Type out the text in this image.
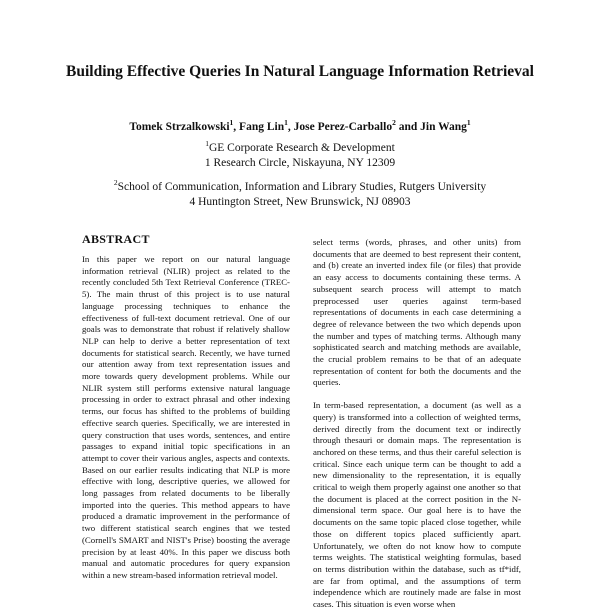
Building Effective Queries In Natural Language Information Retrieval
Tomek Strzalkowski$^1$, Fang Lin$^1$, Jose Perez-Carballo$^2$ and Jin Wang$^1$
$^1$GE Corporate Research & Development
1 Research Circle, Niskayuna, NY 12309
$^2$School of Communication, Information and Library Studies, Rutgers University
4 Huntington Street, New Brunswick, NJ 08903
ABSTRACT

In this paper we report on our natural language information retrieval (NLIR) project as related to the recently concluded 5th Text Retrieval Conference (TREC-5). The main thrust of this project is to use natural language processing techniques to enhance the effectiveness of full-text document retrieval. One of our goals was to demonstrate that robust if relatively shallow NLP can help to derive a better representation of text documents for statistical search. Recently, we have turned our attention away from text representation issues and more towards query development problems. While our NLIR system still performs extensive natural language processing in order to extract phrasal and other indexing terms, our focus has shifted to the problems of building effective search queries. Specifically, we are interested in query construction that uses words, sentences, and entire passages to expand initial topic specifications in an attempt to cover their various angles, aspects and contexts. Based on our earlier results indicating that NLP is more effective with long, descriptive queries, we allowed for long passages from related documents to be liberally imported into the queries. This method appears to have produced a dramatic improvement in the performance of two different statistical search engines that we tested (Cornell's SMART and NIST's Prise) boosting the average precision by at least 40%. In this paper we discuss both manual and automatic procedures for query expansion within a new stream-based information retrieval model.

select terms (words, phrases, and other units) from documents that are deemed to best represent their content, and (b) create an inverted index file (or files) that provide an easy access to documents containing these terms. A subsequent search process will attempt to match preprocessed user queries against term-based representations of documents in each case determining a degree of relevance between the two which depends upon the number and types of matching terms. Although many sophisticated search and matching methods are available, the crucial problem remains to be that of an adequate representation of content for both the documents and the queries.

In term-based representation, a document (as well as a query) is transformed into a collection of weighted terms, derived directly from the document text or indirectly through thesauri or domain maps. The representation is anchored on these terms, and thus their careful selection is critical. Since each unique term can be thought to add a new dimensionality to the representation, it is equally critical to weigh them properly against one another so that the document is placed at the correct position in the N-dimensional term space. Our goal here is to have the documents on the same topic placed close together, while those on different topics placed sufficiently apart. Unfortunately, we often do not know how to compute terms weights. The statistical weighting formulas, based on terms distribution within the database, such as tf*idf, are far from optimal, and the assumptions of term independence which are routinely made are false in most cases. This situation is even worse when
